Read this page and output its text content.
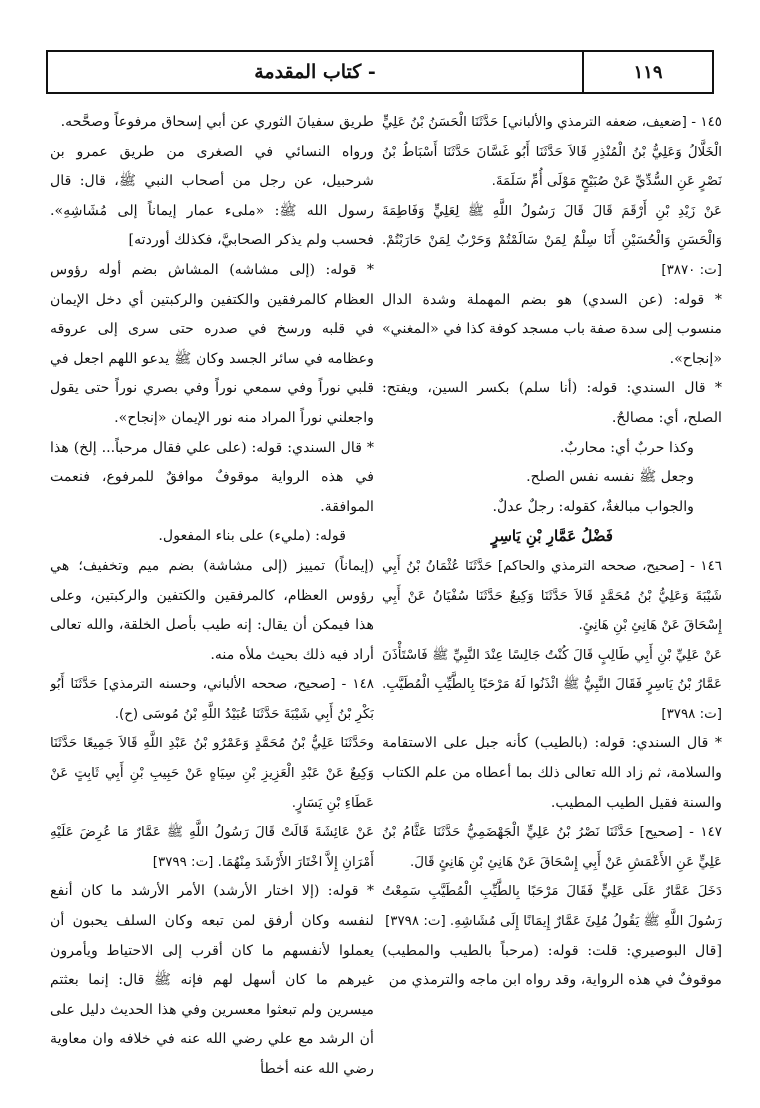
١١٩
- كتاب المقدمة

١٤٥ - [ضعيف، ضعفه الترمذي والألباني] حَدَّثَنَا الْحَسَنُ بْنُ عَلِيٍّ الْخَلَّالُ وَعَلِيُّ بْنُ الْمُنْذِرِ قَالاَ حَدَّثَنَا أَبُو غَسَّانَ حَدَّثَنَا أَسْبَاطُ بْنُ نَصْرٍ عَنِ السُّدِّيِّ عَنْ صُبَيْحٍ مَوْلَى أُمِّ سَلَمَةَ.

عَنْ زَيْدِ بْنِ أَرْقَمَ قَالَ قَالَ رَسُولُ اللَّهِ ﷺ لِعَلِيٍّ وَفَاطِمَةَ وَالْحَسَنِ وَالْحُسَيْنِ أَنَا سِلْمٌ لِمَنْ سَالَمْتُمْ وَحَرْبٌ لِمَنْ حَارَبْتُمْ. [ت: ٣٨٧٠]

* قوله: (عن السدي) هو بضم المهملة وشدة الدال منسوب إلى سدة صفة باب مسجد كوفة كذا في «المغني» «إنجاح».

* قال السندي: قوله: (أنا سلم) بكسر السين، ويفتح: الصلح، أي: مصالحٌ.

وكذا حربٌ أي: محاربٌ.

وجعل ﷺ نفسه نفس الصلح.

والجواب مبالغةٌ، كقوله: رجلٌ عدلٌ.

فَضْلُ عَمَّارِ بْنِ يَاسِرٍ

١٤٦ - [صحيح، صححه الترمذي والحاكم] حَدَّثَنَا عُثْمَانُ بْنُ أَبِي شَيْبَةَ وَعَلِيُّ بْنُ مُحَمَّدٍ قَالاَ حَدَّثَنَا وَكِيعٌ حَدَّثَنَا سُفْيَانُ عَنْ أَبِي إِسْحَاقَ عَنْ هَانِئِ بْنِ هَانِئٍ.

عَنْ عَلِيِّ بْنِ أَبِي طَالِبٍ قَالَ كُنْتُ جَالِسًا عِنْدَ النَّبِيِّ ﷺ فَاسْتَأْذَنَ عَمَّارُ بْنُ يَاسِرٍ فَقَالَ النَّبِيُّ ﷺ ائْذَنُوا لَهُ مَرْحَبًا بِالطَّيِّبِ الْمُطَيَّبِ. [ت: ٣٧٩٨]

* قال السندي: قوله: (بالطيب) كأنه جبل على الاستقامة والسلامة، ثم زاد الله تعالى ذلك بما أعطاه من علم الكتاب والسنة فقيل الطيب المطيب.

١٤٧ - [صحيح] حَدَّثَنَا نَصْرُ بْنُ عَلِيٍّ الْجَهْضَمِيُّ حَدَّثَنَا عَثَّامُ بْنُ عَلِيٍّ عَنِ الأَعْمَشِ عَنْ أَبِي إِسْحَاقَ عَنْ هَانِئِ بْنِ هَانِئٍ قَالَ.

دَخَلَ عَمَّارٌ عَلَى عَلِيٍّ فَقَالَ مَرْحَبًا بِالطَّيِّبِ الْمُطَيَّبِ سَمِعْتُ رَسُولَ اللَّهِ ﷺ يَقُولُ مُلِئَ عَمَّارٌ إِيمَانًا إِلَى مُشَاشِهِ. [ت: ٣٧٩٨]

[قال البوصيري: قلت: قوله: (مرحباً بالطيب والمطيب) موقوفٌ في هذه الرواية، وقد رواه ابن ماجه والترمذي من

طريق سفيانَ الثوري عن أبي إسحاق مرفوعاً وصحَّحه.

ورواه النسائي في الصغرى من طريق عمرو بن شرحبيل، عن رجل من أصحاب النبي ﷺ، قال: قال رسول الله ﷺ: «ملىء عمار إيماناً إلى مُشَاشِهِ». فحسب ولم يذكر الصحابيَّ، فكذلك أوردته]

* قوله: (إلى مشاشه) المشاش بضم أوله رؤوس العظام كالمرفقين والكتفين والركبتين أي دخل الإيمان في قلبه ورسخ في صدره حتى سرى إلى عروقه وعظامه في سائر الجسد وكان ﷺ يدعو اللهم اجعل في قلبي نوراً وفي سمعي نوراً وفي بصري نوراً حتى يقول واجعلني نوراً المراد منه نور الإيمان «إنجاح».

* قال السندي: قوله: (على علي فقال مرحباً... إلخ) هذا في هذه الرواية موقوفٌ موافقٌ للمرفوع، فنعمت الموافقة.

قوله: (مليء) على بناء المفعول.

(إيماناً) تمييز (إلى مشاشة) بضم ميم وتخفيف؛ هي رؤوس العظام، كالمرفقين والكتفين والركبتين، وعلى هذا فيمكن أن يقال: إنه طيب بأصل الخلقة، والله تعالى أراد فيه ذلك بحيث ملأه منه.

١٤٨ - [صحيح، صححه الألباني، وحسنه الترمذي] حَدَّثَنَا أَبُو بَكْرِ بْنُ أَبِي شَيْبَةَ حَدَّثَنَا عُبَيْدُ اللَّهِ بْنُ مُوسَى (ح).

وحَدَّثَنَا عَلِيُّ بْنُ مُحَمَّدٍ وَعَمْرُو بْنُ عَبْدِ اللَّهِ قَالاَ جَمِيعًا حَدَّثَنَا وَكِيعٌ عَنْ عَبْدِ الْعَزِيزِ بْنِ سِيَاهٍ عَنْ حَبِيبِ بْنِ أَبِي ثَابِتٍ عَنْ عَطَاءِ بْنِ يَسَارٍ.

عَنْ عَائِشَةَ قَالَتْ قَالَ رَسُولُ اللَّهِ ﷺ عَمَّارٌ مَا عُرِضَ عَلَيْهِ أَمْرَانِ إِلاَّ اخْتَارَ الأَرْشَدَ مِنْهُمَا. [ت: ٣٧٩٩]

* قوله: (إلا اختار الأرشد) الأمر الأرشد ما كان أنفع لنفسه وكان أرفق لمن تبعه وكان السلف يحبون أن يعملوا لأنفسهم ما كان أقرب إلى الاحتياط ويأمرون غيرهم ما كان أسهل لهم فإنه ﷺ قال: إنما بعثتم ميسرين ولم تبعثوا معسرين وفي هذا الحديث دليل على أن الرشد مع علي رضي الله عنه في خلافه وان معاوية رضي الله عنه أخطأ
